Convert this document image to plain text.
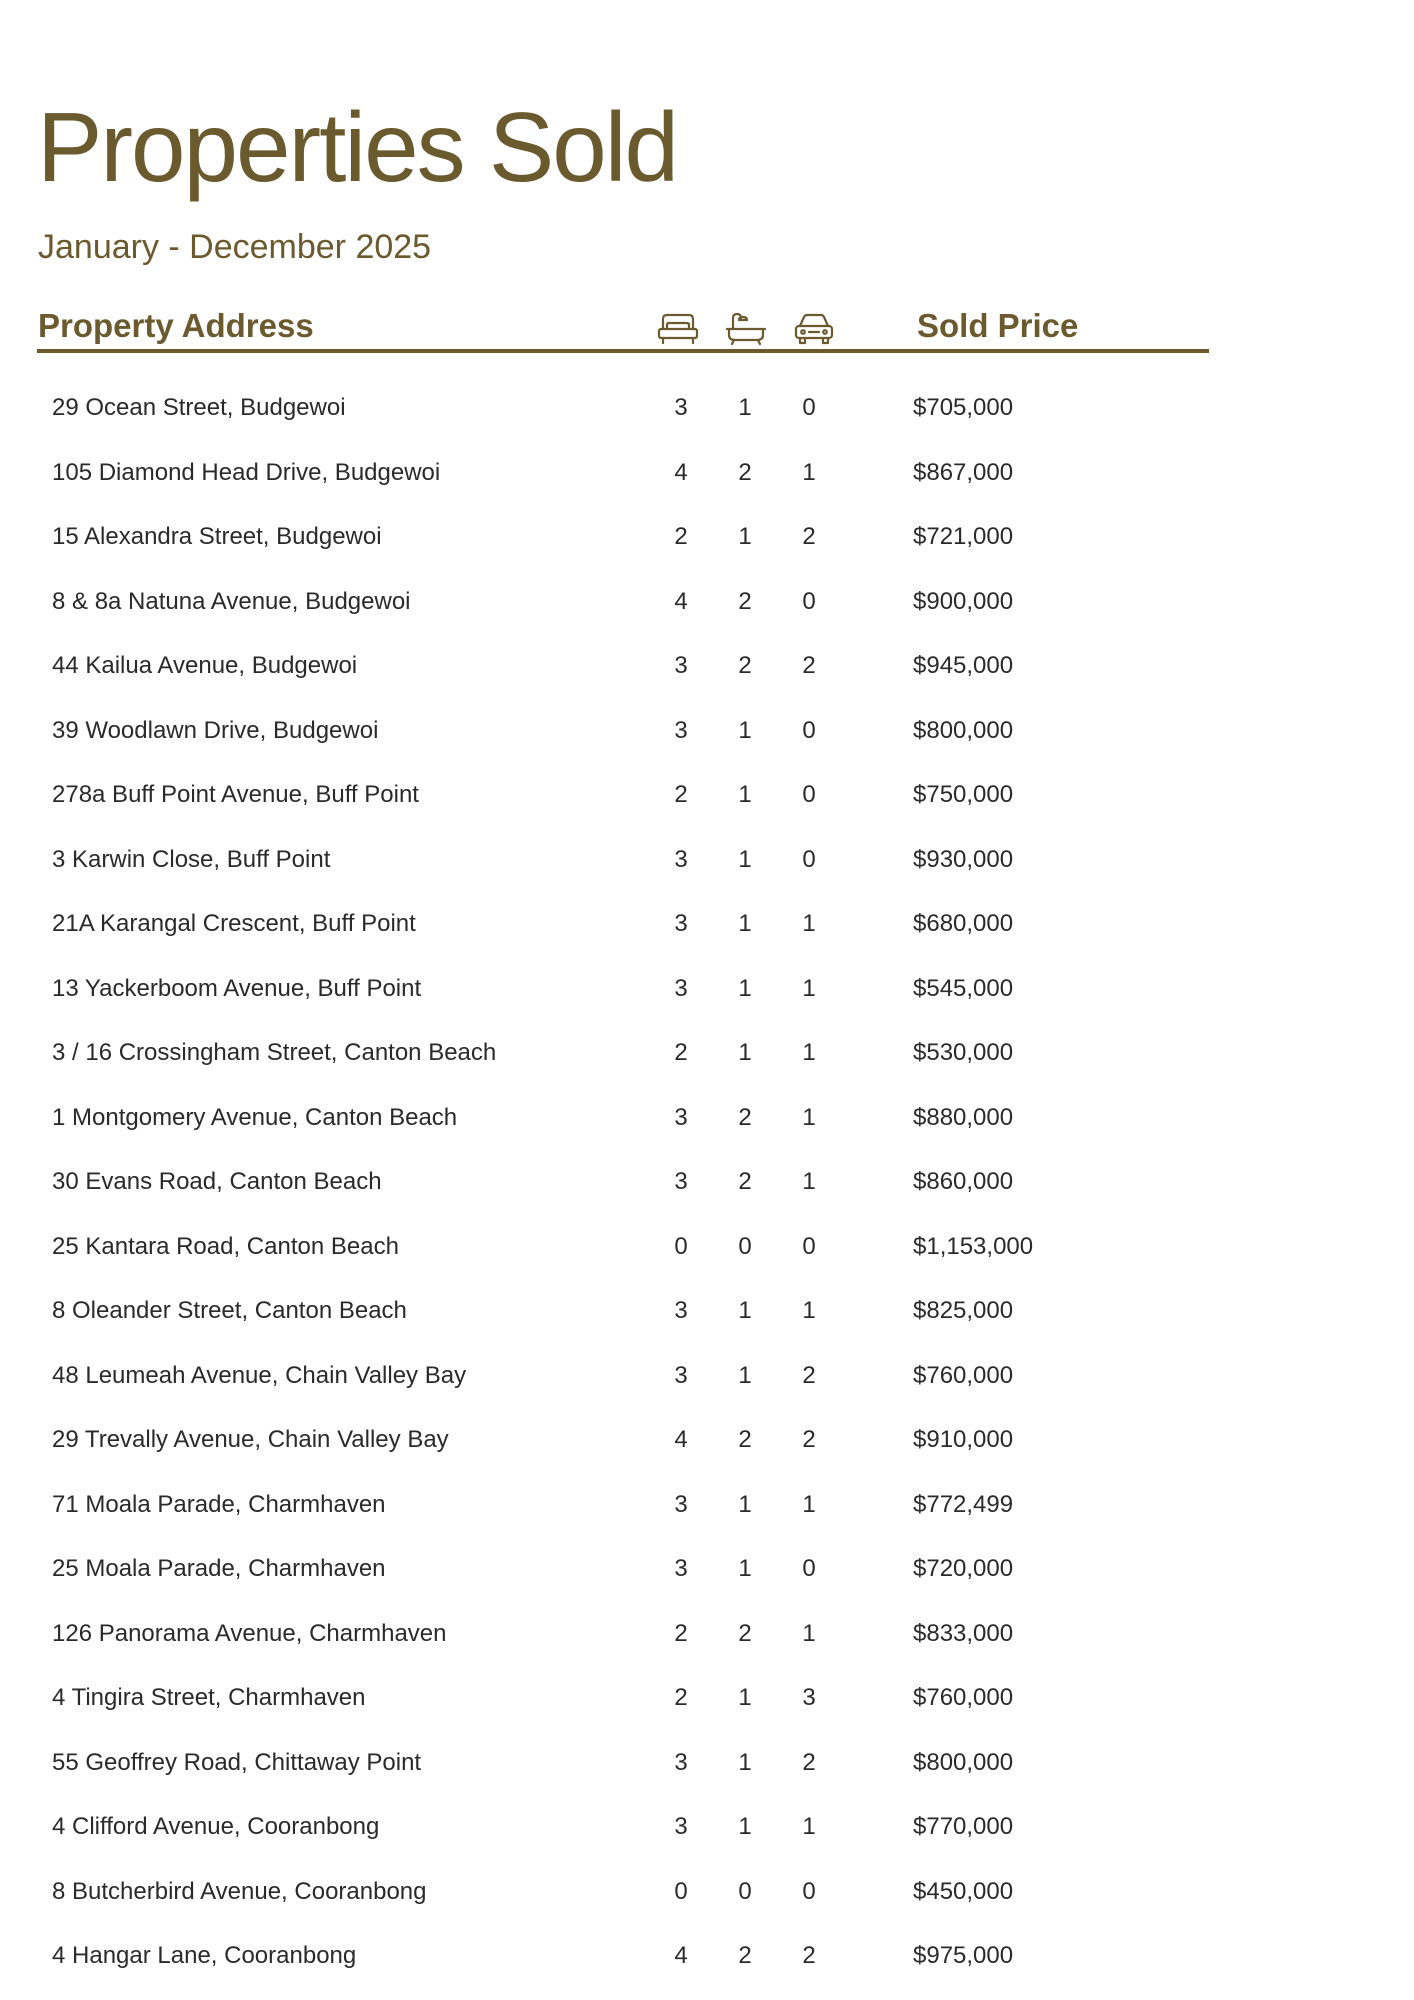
Properties Sold
January - December 2025
Property Address	Sold Price
29 Ocean Street, Budgewoi	3	1	0	$705,000
105 Diamond Head Drive, Budgewoi	4	2	1	$867,000
15 Alexandra Street, Budgewoi	2	1	2	$721,000
8 & 8a Natuna Avenue, Budgewoi	4	2	0	$900,000
44 Kailua Avenue, Budgewoi	3	2	2	$945,000
39 Woodlawn Drive, Budgewoi	3	1	0	$800,000
278a Buff Point Avenue, Buff Point	2	1	0	$750,000
3 Karwin Close, Buff Point	3	1	0	$930,000
21A Karangal Crescent, Buff Point	3	1	1	$680,000
13 Yackerboom Avenue, Buff Point	3	1	1	$545,000
3 / 16 Crossingham Street, Canton Beach	2	1	1	$530,000
1 Montgomery Avenue, Canton Beach	3	2	1	$880,000
30 Evans Road, Canton Beach	3	2	1	$860,000
25 Kantara Road, Canton Beach	0	0	0	$1,153,000
8 Oleander Street, Canton Beach	3	1	1	$825,000
48 Leumeah Avenue, Chain Valley Bay	3	1	2	$760,000
29 Trevally Avenue, Chain Valley Bay	4	2	2	$910,000
71 Moala Parade, Charmhaven	3	1	1	$772,499
25 Moala Parade, Charmhaven	3	1	0	$720,000
126 Panorama Avenue, Charmhaven	2	2	1	$833,000
4 Tingira Street, Charmhaven	2	1	3	$760,000
55 Geoffrey Road, Chittaway Point	3	1	2	$800,000
4 Clifford Avenue, Cooranbong	3	1	1	$770,000
8 Butcherbird Avenue, Cooranbong	0	0	0	$450,000
4 Hangar Lane, Cooranbong	4	2	2	$975,000
